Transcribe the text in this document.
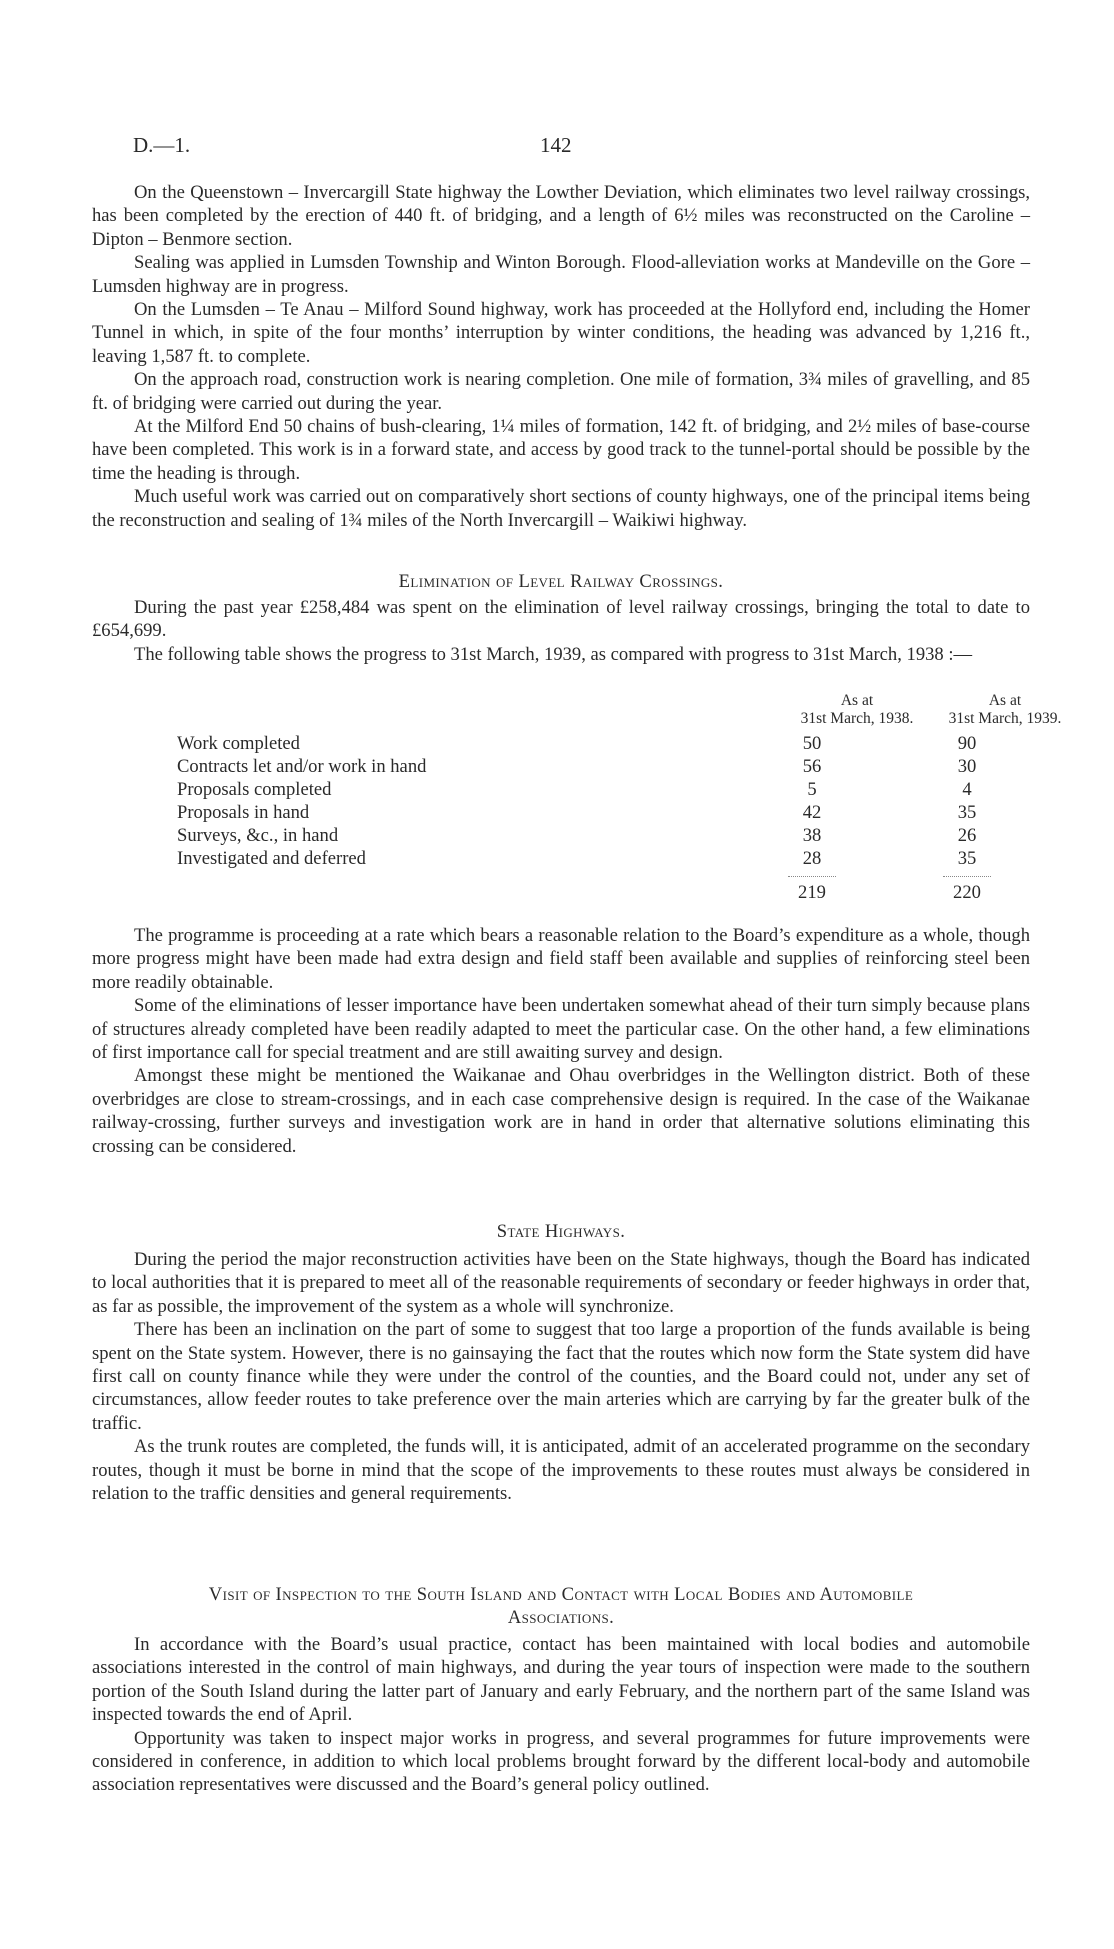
D.—1.	142

On the Queenstown – Invercargill State highway the Lowther Deviation, which eliminates two level railway crossings, has been completed by the erection of 440 ft. of bridging, and a length of 6½ miles was reconstructed on the Caroline – Dipton – Benmore section.

Sealing was applied in Lumsden Township and Winton Borough. Flood-alleviation works at Mandeville on the Gore – Lumsden highway are in progress.

On the Lumsden – Te Anau – Milford Sound highway, work has proceeded at the Hollyford end, including the Homer Tunnel in which, in spite of the four months’ interruption by winter conditions, the heading was advanced by 1,216 ft., leaving 1,587 ft. to complete.

On the approach road, construction work is nearing completion. One mile of formation, 3¾ miles of gravelling, and 85 ft. of bridging were carried out during the year.

At the Milford End 50 chains of bush-clearing, 1¼ miles of formation, 142 ft. of bridging, and 2½ miles of base-course have been completed. This work is in a forward state, and access by good track to the tunnel-portal should be possible by the time the heading is through.

Much useful work was carried out on comparatively short sections of county highways, one of the principal items being the reconstruction and sealing of 1¾ miles of the North Invercargill – Waikiwi highway.

Elimination of Level Railway Crossings.

During the past year £258,484 was spent on the elimination of level railway crossings, bringing the total to date to £654,699.

The following table shows the progress to 31st March, 1939, as compared with progress to 31st March, 1938 :—

As at
31st March, 1938.
As at
31st March, 1939.
Work completed	50	90
Contracts let and/or work in hand	56	30
Proposals completed	5	4
Proposals in hand	42	35
Surveys, &c., in hand	38	26
Investigated and deferred	28	35
219	220

The programme is proceeding at a rate which bears a reasonable relation to the Board’s expenditure as a whole, though more progress might have been made had extra design and field staff been available and supplies of reinforcing steel been more readily obtainable.

Some of the eliminations of lesser importance have been undertaken somewhat ahead of their turn simply because plans of structures already completed have been readily adapted to meet the particular case. On the other hand, a few eliminations of first importance call for special treatment and are still awaiting survey and design.

Amongst these might be mentioned the Waikanae and Ohau overbridges in the Wellington district. Both of these overbridges are close to stream-crossings, and in each case comprehensive design is required. In the case of the Waikanae railway-crossing, further surveys and investigation work are in hand in order that alternative solutions eliminating this crossing can be considered.

State Highways.

During the period the major reconstruction activities have been on the State highways, though the Board has indicated to local authorities that it is prepared to meet all of the reasonable requirements of secondary or feeder highways in order that, as far as possible, the improvement of the system as a whole will synchronize.

There has been an inclination on the part of some to suggest that too large a proportion of the funds available is being spent on the State system. However, there is no gainsaying the fact that the routes which now form the State system did have first call on county finance while they were under the control of the counties, and the Board could not, under any set of circumstances, allow feeder routes to take preference over the main arteries which are carrying by far the greater bulk of the traffic.

As the trunk routes are completed, the funds will, it is anticipated, admit of an accelerated programme on the secondary routes, though it must be borne in mind that the scope of the improvements to these routes must always be considered in relation to the traffic densities and general requirements.

Visit of Inspection to the South Island and Contact with Local Bodies and Automobile
Associations.

In accordance with the Board’s usual practice, contact has been maintained with local bodies and automobile associations interested in the control of main highways, and during the year tours of inspection were made to the southern portion of the South Island during the latter part of January and early February, and the northern part of the same Island was inspected towards the end of April.

Opportunity was taken to inspect major works in progress, and several programmes for future improvements were considered in conference, in addition to which local problems brought forward by the different local-body and automobile association representatives were discussed and the Board’s general policy outlined.
